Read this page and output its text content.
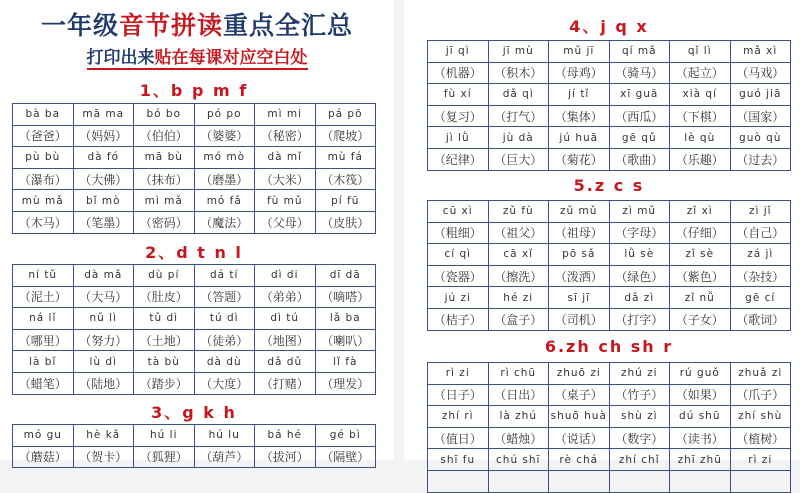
一年级音节拼读重点全汇总
打印出来贴在每课对应空白处
1、b p m f
bà ba	mā ma	bó bo	pó po	mì mi	pá pō
（爸爸）	（妈妈）	（伯伯）	（婆婆）	（秘密）	（爬坡）
pù bù	dà fó	mā bù	mó mò	dà mǐ	mù fá
（瀑布）	（大佛）	（抹布）	（磨墨）	（大米）	（木筏）
mù mǎ	bǐ mò	mì mǎ	mó fǎ	fù mǔ	pí fū
（木马）	（笔墨）	（密码）	（魔法）	（父母）	（皮肤）
2、d t n l
ní tǔ	dà mǎ	dù pí	dá tí	dì di	dī dā
（泥土）	（大马）	（肚皮）	（答题）	（弟弟）	（嘀嗒）
ná lǐ	nǔ lì	tǔ dì	tú dì	dì tú	lǎ ba
（哪里）	（努力）	（土地）	（徒弟）	（地图）	（喇叭）
là bǐ	lù dì	tà bù	dà dù	dǎ dǔ	lǐ fà
（蜡笔）	（陆地）	（踏步）	（大度）	（打赌）	（理发）
3、g k h
mó gu	hè kǎ	hú li	hú lu	bá hé	gé bì
（蘑菇）	（贺卡）	（狐狸）	（葫芦）	（拔河）	（隔壁）
4、j q x
jī qì	jī mù	mǔ jī	qí mǎ	qǐ lì	mǎ xì
（机器）	（积木）	（母鸡）	（骑马）	（起立）	（马戏）
fù xí	dǎ qì	jí tǐ	xī guā	xià qí	guó jiā
（复习）	（打气）	（集体）	（西瓜）	（下棋）	（国家）
jì lǜ	jù dà	jú huā	gē qǔ	lè qù	guò qù
（纪律）	（巨大）	（菊花）	（歌曲）	（乐趣）	（过去）
5.z c s
cū xì	zǔ fù	zǔ mǔ	zì mǔ	zǐ xì	zì jǐ
（粗细）	（祖父）	（祖母）	（字母）	（仔细）	（自己）
cí qì	cā xǐ	pō sǎ	lǜ sè	zǐ sè	zá jì
（瓷器）	（擦洗）	（泼洒）	（绿色）	（紫色）	（杂技）
jú zi	hé zi	sī jī	dǎ zì	zǐ nǚ	gē cí
（桔子）	（盒子）	（司机）	（打字）	（子女）	（歌词）
6.zh ch sh r
rì zi	rì chū	zhuō zi	zhú zi	rú guǒ	zhuǎ zi
（日子）	（日出）	（桌子）	（竹子）	（如果）	（爪子）
zhí rì	là zhú	shuō huà	shù zì	dú shū	zhí shù
（值日）	（蜡烛）	（说话）	（数字）	（读书）	（植树）
shī fu	chú shī	rè chá	zhí chǐ	zhī zhū	rì zi
